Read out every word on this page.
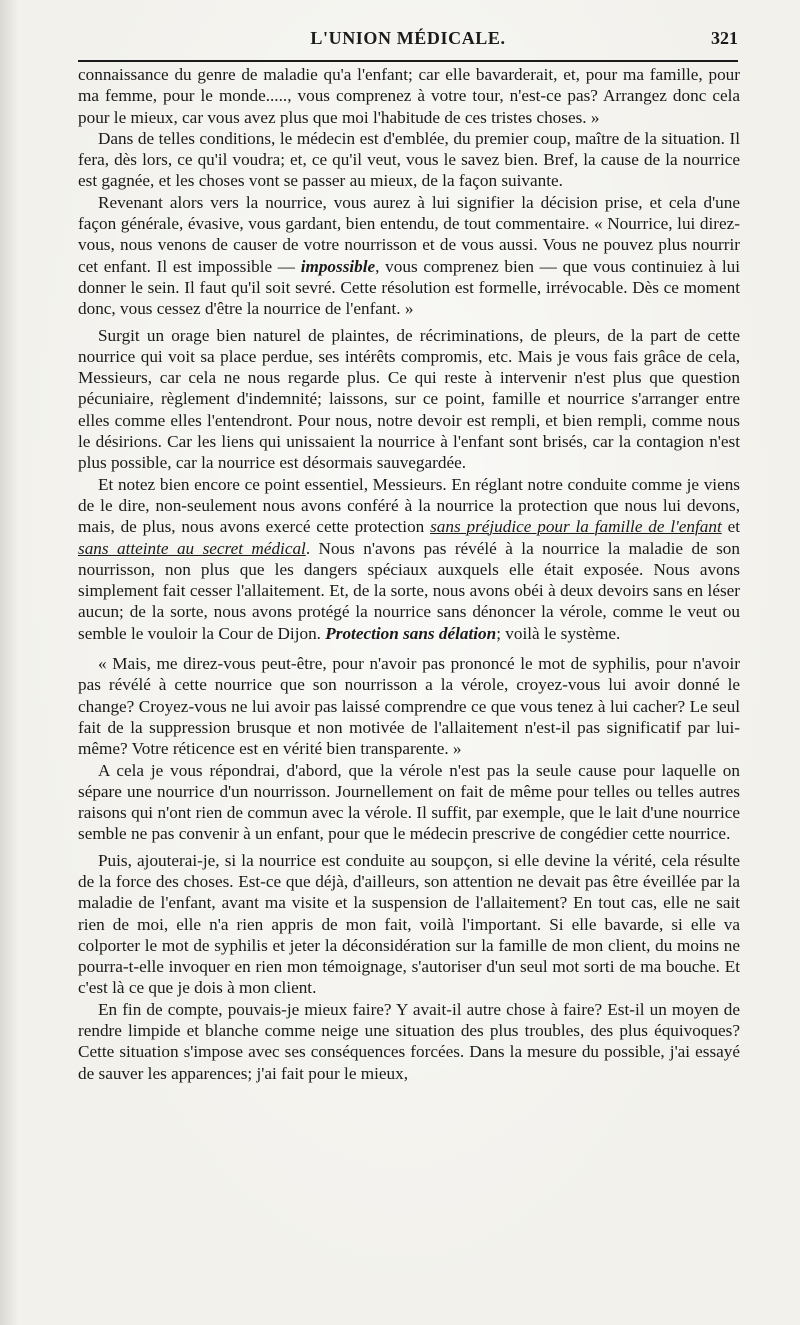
L'UNION MÉDICALE.	321

connaissance du genre de maladie qu'a l'enfant; car elle bavarderait, et, pour ma famille, pour ma femme, pour le monde....., vous comprenez à votre tour, n'est-ce pas? Arrangez donc cela pour le mieux, car vous avez plus que moi l'habitude de ces tristes choses. »

Dans de telles conditions, le médecin est d'emblée, du premier coup, maître de la situation. Il fera, dès lors, ce qu'il voudra; et, ce qu'il veut, vous le savez bien. Bref, la cause de la nourrice est gagnée, et les choses vont se passer au mieux, de la façon suivante.

Revenant alors vers la nourrice, vous aurez à lui signifier la décision prise, et cela d'une façon générale, évasive, vous gardant, bien entendu, de tout commentaire. « Nourrice, lui direz-vous, nous venons de causer de votre nourrisson et de vous aussi. Vous ne pouvez plus nourrir cet enfant. Il est impossible — impossible, vous comprenez bien — que vous continuiez à lui donner le sein. Il faut qu'il soit sevré. Cette résolution est formelle, irrévocable. Dès ce moment donc, vous cessez d'être la nourrice de l'enfant. »

Surgit un orage bien naturel de plaintes, de récriminations, de pleurs, de la part de cette nourrice qui voit sa place perdue, ses intérêts compromis, etc. Mais je vous fais grâce de cela, Messieurs, car cela ne nous regarde plus. Ce qui reste à intervenir n'est plus que question pécuniaire, règlement d'indemnité; laissons, sur ce point, famille et nourrice s'arranger entre elles comme elles l'entendront. Pour nous, notre devoir est rempli, et bien rempli, comme nous le désirions. Car les liens qui unissaient la nourrice à l'enfant sont brisés, car la contagion n'est plus possible, car la nourrice est désormais sauvegardée.

Et notez bien encore ce point essentiel, Messieurs. En réglant notre conduite comme je viens de le dire, non-seulement nous avons conféré à la nourrice la protection que nous lui devons, mais, de plus, nous avons exercé cette protection sans préjudice pour la famille de l'enfant et sans atteinte au secret médical. Nous n'avons pas révélé à la nourrice la maladie de son nourrisson, non plus que les dangers spéciaux auxquels elle était exposée. Nous avons simplement fait cesser l'allaitement. Et, de la sorte, nous avons obéi à deux devoirs sans en léser aucun; de la sorte, nous avons protégé la nourrice sans dénoncer la vérole, comme le veut ou semble le vouloir la Cour de Dijon. Protection sans délation; voilà le système.

« Mais, me direz-vous peut-être, pour n'avoir pas prononcé le mot de syphilis, pour n'avoir pas révélé à cette nourrice que son nourrisson a la vérole, croyez-vous lui avoir donné le change? Croyez-vous ne lui avoir pas laissé comprendre ce que vous tenez à lui cacher? Le seul fait de la suppression brusque et non motivée de l'allaitement n'est-il pas significatif par lui-même? Votre réticence est en vérité bien transparente. »

A cela je vous répondrai, d'abord, que la vérole n'est pas la seule cause pour laquelle on sépare une nourrice d'un nourrisson. Journellement on fait de même pour telles ou telles autres raisons qui n'ont rien de commun avec la vérole. Il suffit, par exemple, que le lait d'une nourrice semble ne pas convenir à un enfant, pour que le médecin prescrive de congédier cette nourrice.

Puis, ajouterai-je, si la nourrice est conduite au soupçon, si elle devine la vérité, cela résulte de la force des choses. Est-ce que déjà, d'ailleurs, son attention ne devait pas être éveillée par la maladie de l'enfant, avant ma visite et la suspension de l'allaitement? En tout cas, elle ne sait rien de moi, elle n'a rien appris de mon fait, voilà l'important. Si elle bavarde, si elle va colporter le mot de syphilis et jeter la déconsidération sur la famille de mon client, du moins ne pourra-t-elle invoquer en rien mon témoignage, s'autoriser d'un seul mot sorti de ma bouche. Et c'est là ce que je dois à mon client.

En fin de compte, pouvais-je mieux faire? Y avait-il autre chose à faire? Est-il un moyen de rendre limpide et blanche comme neige une situation des plus troubles, des plus équivoques? Cette situation s'impose avec ses conséquences forcées. Dans la mesure du possible, j'ai essayé de sauver les apparences; j'ai fait pour le mieux,
